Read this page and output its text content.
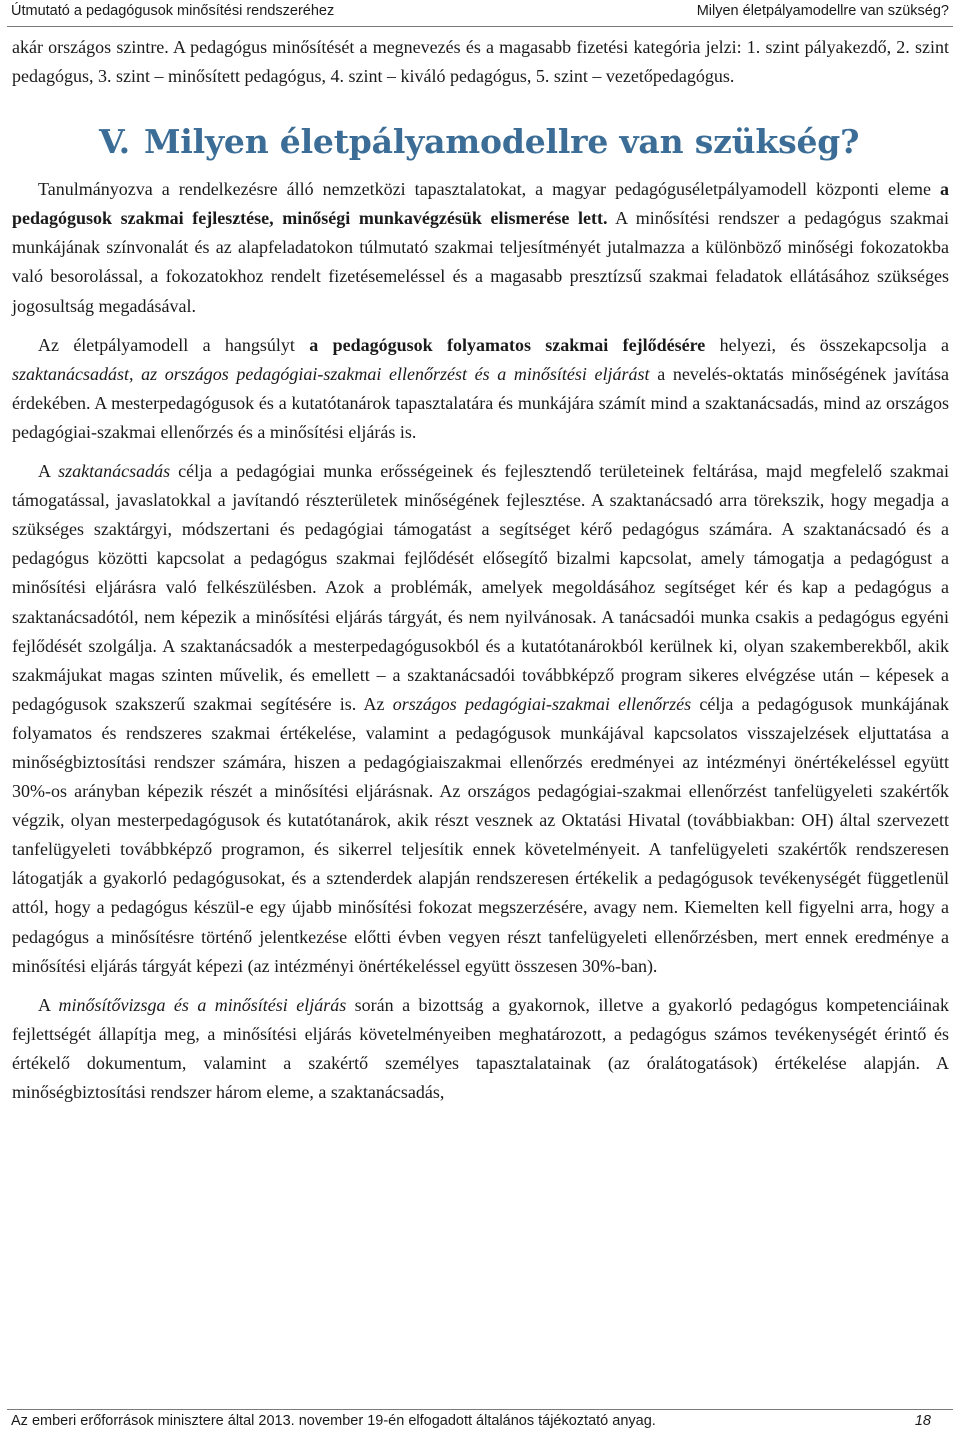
Útmutató a pedagógusok minősítési rendszeréhez	Milyen életpályamodellre van szükség?

akár országos szintre. A pedagógus minősítését a megnevezés és a magasabb fizetési kategória jelzi: 1. szint pályakezdő, 2. szint pedagógus, 3. szint – minősített pedagógus, 4. szint – kiváló pedagógus, 5. szint – vezetőpedagógus.

V. Milyen életpályamodellre van szükség?

Tanulmányozva a rendelkezésre álló nemzetközi tapasztalatokat, a magyar pedagóguséletpályamodell központi eleme a pedagógusok szakmai fejlesztése, minőségi munkavégzésük elismerése lett. A minősítési rendszer a pedagógus szakmai munkájának színvonalát és az alapfeladatokon túlmutató szakmai teljesítményét jutalmazza a különböző minőségi fokozatokba való besorolással, a fokozatokhoz rendelt fizetésemeléssel és a magasabb presztízsű szakmai feladatok ellátásához szükséges jogosultság megadásával.

Az életpályamodell a hangsúlyt a pedagógusok folyamatos szakmai fejlődésére helyezi, és összekapcsolja a szaktanácsadást, az országos pedagógiai-szakmai ellenőrzést és a minősítési eljárást a nevelés-oktatás minőségének javítása érdekében. A mesterpedagógusok és a kutatótanárok tapasztalatára és munkájára számít mind a szaktanácsadás, mind az országos pedagógiai-szakmai ellenőrzés és a minősítési eljárás is.

A szaktanácsadás célja a pedagógiai munka erősségeinek és fejlesztendő területeinek feltárása, majd megfelelő szakmai támogatással, javaslatokkal a javítandó részterületek minőségének fejlesztése. A szaktanácsadó arra törekszik, hogy megadja a szükséges szaktárgyi, módszertani és pedagógiai támogatást a segítséget kérő pedagógus számára. A szaktanácsadó és a pedagógus közötti kapcsolat a pedagógus szakmai fejlődését elősegítő bizalmi kapcsolat, amely támogatja a pedagógust a minősítési eljárásra való felkészülésben. Azok a problémák, amelyek megoldásához segítséget kér és kap a pedagógus a szaktanácsadótól, nem képezik a minősítési eljárás tárgyát, és nem nyilvánosak. A tanácsadói munka csakis a pedagógus egyéni fejlődését szolgálja. A szaktanácsadók a mesterpedagógusokból és a kutatótanárokból kerülnek ki, olyan szakemberekből, akik szakmájukat magas szinten művelik, és emellett – a szaktanácsadói továbbképző program sikeres elvégzése után – képesek a pedagógusok szakszerű szakmai segítésére is. Az országos pedagógiai-szakmai ellenőrzés célja a pedagógusok munkájának folyamatos és rendszeres szakmai értékelése, valamint a pedagógusok munkájával kapcsolatos visszajelzések eljuttatása a minőségbiztosítási rendszer számára, hiszen a pedagógiaiszakmai ellenőrzés eredményei az intézményi önértékeléssel együtt 30%-os arányban képezik részét a minősítési eljárásnak. Az országos pedagógiai-szakmai ellenőrzést tanfelügyeleti szakértők végzik, olyan mesterpedagógusok és kutatótanárok, akik részt vesznek az Oktatási Hivatal (továbbiakban: OH) által szervezett tanfelügyeleti továbbképző programon, és sikerrel teljesítik ennek követelményeit. A tanfelügyeleti szakértők rendszeresen látogatják a gyakorló pedagógusokat, és a sztenderdek alapján rendszeresen értékelik a pedagógusok tevékenységét függetlenül attól, hogy a pedagógus készül-e egy újabb minősítési fokozat megszerzésére, avagy nem. Kiemelten kell figyelni arra, hogy a pedagógus a minősítésre történő jelentkezése előtti évben vegyen részt tanfelügyeleti ellenőrzésben, mert ennek eredménye a minősítési eljárás tárgyát képezi (az intézményi önértékeléssel együtt összesen 30%-ban).

A minősítővizsga és a minősítési eljárás során a bizottság a gyakornok, illetve a gyakorló pedagógus kompetenciáinak fejlettségét állapítja meg, a minősítési eljárás követelményeiben meghatározott, a pedagógus számos tevékenységét érintő és értékelő dokumentum, valamint a szakértő személyes tapasztalatainak (az óralátogatások) értékelése alapján. A minőségbiztosítási rendszer három eleme, a szaktanácsadás,

Az emberi erőforrások minisztere által 2013. november 19-én elfogadott általános tájékoztató anyag.	18
